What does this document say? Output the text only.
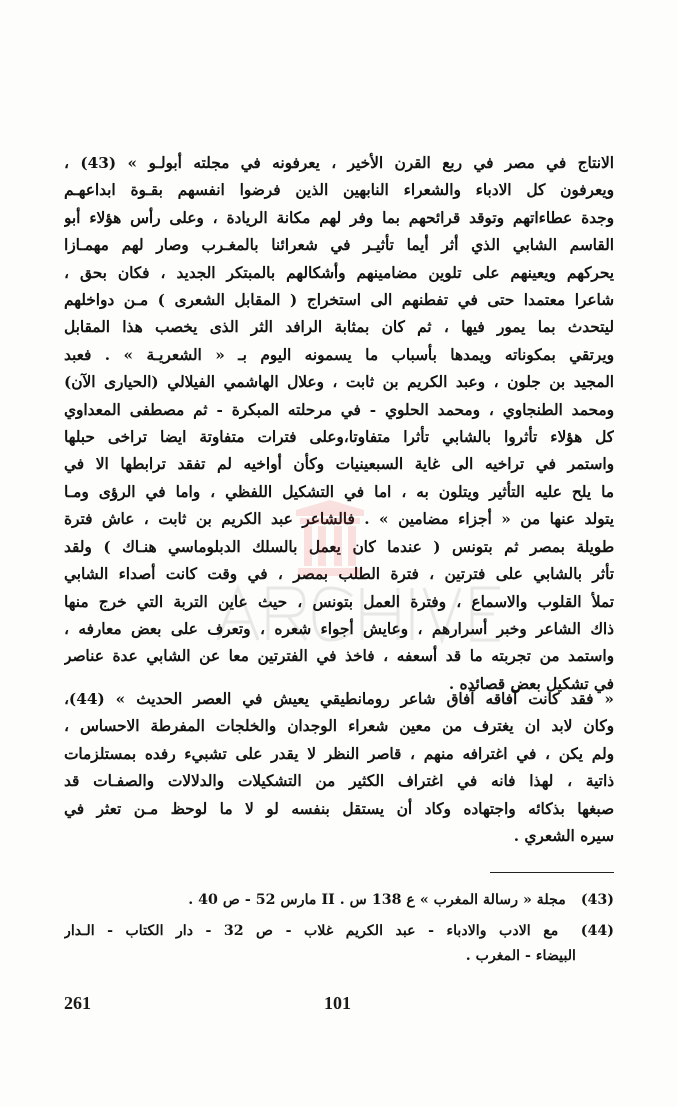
الانتاج في مصر في ربع القرن الأخير ، يعرفونه في مجلته أبولـو » (43) ،
ويعرفون كل الادباء والشعراء النابهين الذين فرضوا انفسهم بقـوة ابداعهـم
وجدة عطاءاتهم وتوقد قرائحهم بما وفر لهم مكانة الريادة ، وعلى رأس هؤلاء أبو
القاسم الشابي الذي أثر أيما تأثيـر في شعرائنا بالمغـرب وصار لهم مهمـازا
يحركهم ويعينهم على تلوين مضامينهم وأشكالهم بالمبتكر الجديد ، فكان بحق ،
شاعرا معتمدا حتى في تفطنهم الى استخراج ( المقابل الشعرى ) مـن دواخلهم
ليتحدث بما يمور فيها ، ثم كان بمثابة الرافد الثر الذى يخصب هذا المقابل
ويرتقي بمكوناته ويمدها بأسباب ما يسمونه اليوم بـ « الشعريـة » . فعبد
المجيد بن جلون ، وعبد الكريم بن ثابت ، وعلال الهاشمي الفيلالي (الحيارى الآن)
ومحمد الطنجاوي ، ومحمد الحلوي - في مرحلته المبكرة - ثم مصطفى المعداوي
كل هؤلاء تأثروا بالشابي تأثرا متفاوتا،وعلى فترات متفاوتة ايضا تراخى حبلها
واستمر في تراخيه الى غاية السبعينيات وكأن أواخيه لم تفقد ترابطها الا في
ما يلح عليه التأثير ويتلون به ، اما في التشكيل اللفظي ، واما في الرؤى ومـا
يتولد عنها من « أجزاء مضامين » . فالشاعر عبد الكريم بن ثابت ، عاش فترة
طويلة بمصر ثم بتونس ( عندما كان يعمل بالسلك الدبلوماسي هنـاك ) ولقد
تأثر بالشابي على فترتين ، فترة الطلب بمصر ، في وقت كانت أصداء الشابي
تملأ القلوب والاسماع ، وفترة العمل بتونس ، حيث عاين التربة التي خرج منها
ذاك الشاعر وخبر أسرارهم ، وعايش أجواء شعره ، وتعرف على بعض معارفه ،
واستمد من تجربته ما قد أسعفه ، فاخذ في الفترتين معا عن الشابي عدة عناصر
في تشكيل بعض قصائده .
« فقد كانت آفاقه آفاق شاعر رومانطيقي يعيش في العصر الحديث » (44)،
وكان لابد ان يغترف من معين شعراء الوجدان والخلجات المفرطة الاحساس ،
ولم يكن ، في اغترافه منهم ، قاصر النظر لا يقدر على تشبيء رفده بمستلزمات
ذاتية ، لهذا فانه في اغتراف الكثير من التشكيلات والدلالات والصفـات قد
صبغها بذكائه واجتهاده وكاد أن يستقل بنفسه لو لا ما لوحظ مـن تعثر في
سيره الشعري .
(43) مجلة « رسالة المغرب » ع 138 س . II مارس 52 - ص 40 .
(44) مع الادب والادباء - عبد الكريم غلاب - ص 32 - دار الكتاب - الـدار
البيضاء - المغرب .
261	101
